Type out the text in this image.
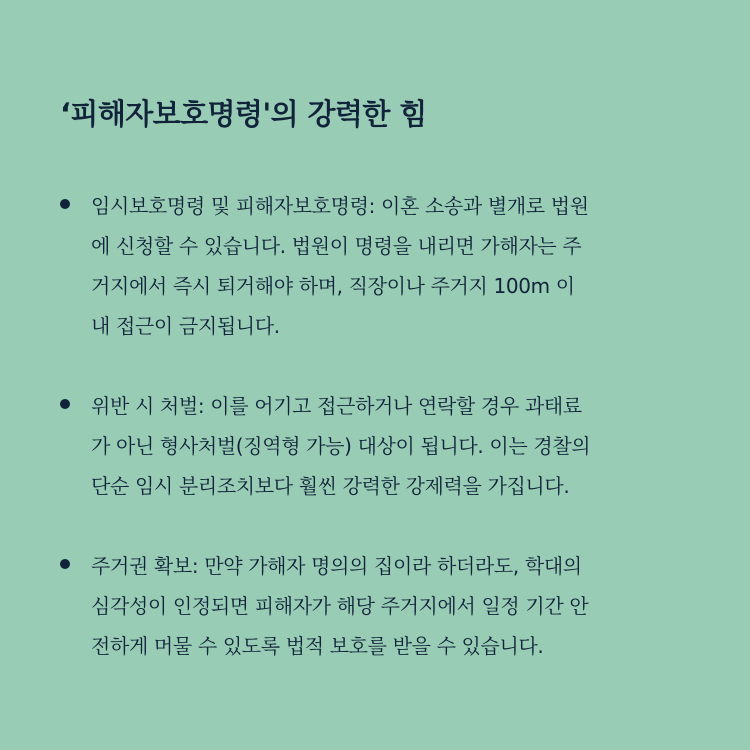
‘피해자보호명령'의 강력한 힘
임시보호명령 및 피해자보호명령: 이혼 소송과 별개로 법원
에 신청할 수 있습니다. 법원이 명령을 내리면 가해자는 주
거지에서 즉시 퇴거해야 하며, 직장이나 주거지 100m 이
내 접근이 금지됩니다.
위반 시 처벌: 이를 어기고 접근하거나 연락할 경우 과태료
가 아닌 형사처벌(징역형 가능) 대상이 됩니다. 이는 경찰의
단순 임시 분리조치보다 훨씬 강력한 강제력을 가집니다.
주거권 확보: 만약 가해자 명의의 집이라 하더라도, 학대의
심각성이 인정되면 피해자가 해당 주거지에서 일정 기간 안
전하게 머물 수 있도록 법적 보호를 받을 수 있습니다.
